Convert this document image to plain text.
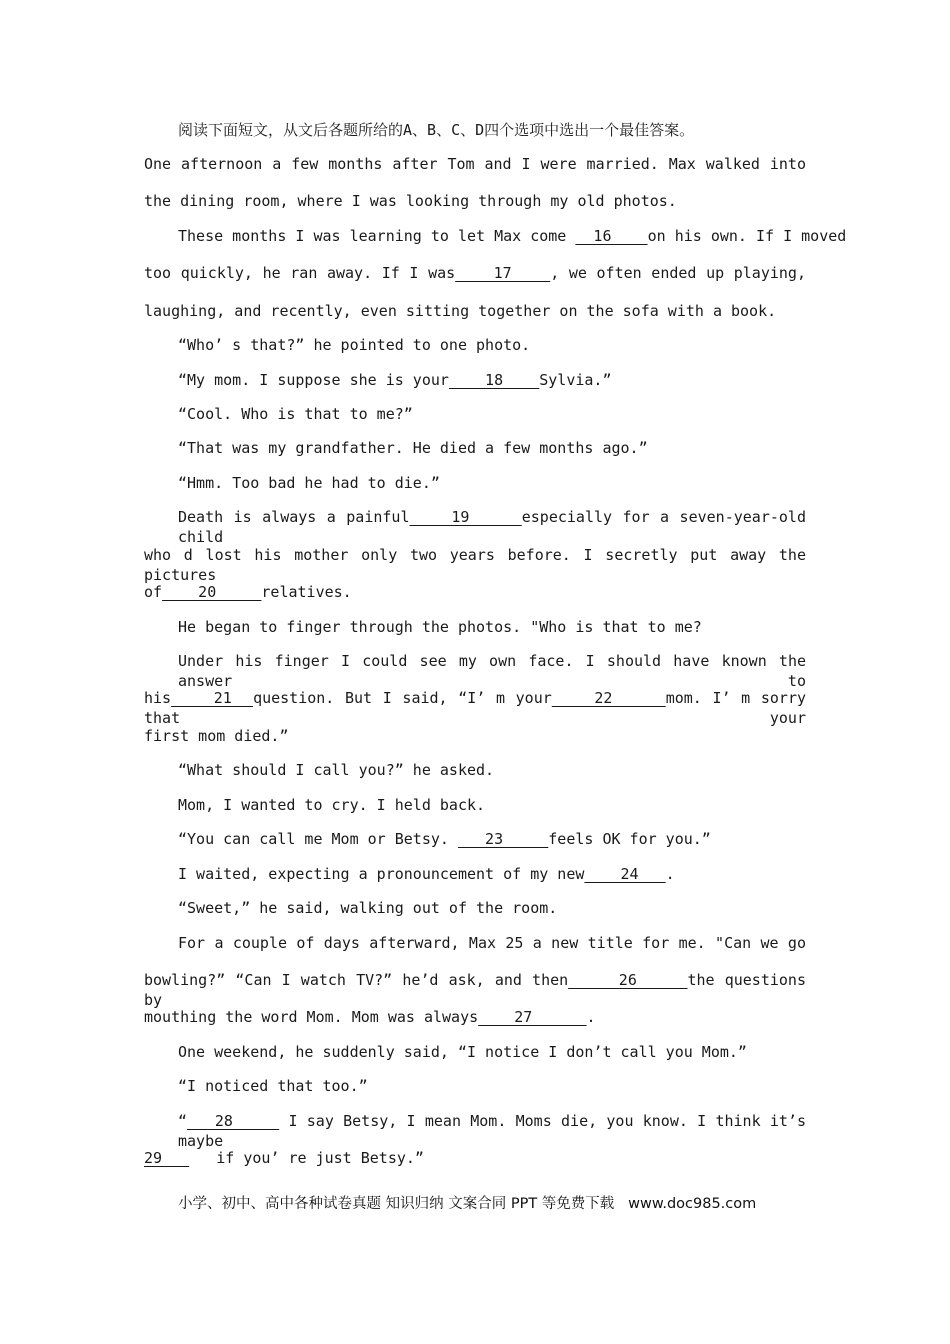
阅读下面短文，从文后各题所给的A、B、C、D四个选项中选出一个最佳答案。
One afternoon a few months after Tom and I were married. Max walked into
the dining room, where I was looking through my old photos.
These months I was learning to let Max come   16    on his own. If I moved
too quickly, he ran away. If I was    17    , we often ended up playing,
laughing, and recently, even sitting together on the sofa with a book.
“Who’ s that?” he pointed to one photo.
“My mom. I suppose she is your    18    Sylvia.”
“Cool. Who is that to me?”
“That was my grandfather. He died a few months ago.”
“Hmm. Too bad he had to die.”
Death is always a painful    19     especially for a seven-year-old child
who d lost his mother only two years before. I secretly put away the pictures
of    20     relatives.
He began to finger through the photos. "Who is that to me?
Under his finger I could see my own face. I should have known the answer to
his    21  question. But I said, “I’ m your    22     mom. I’ m sorry that your
first mom died.”
“What should I call you?” he asked.
Mom, I wanted to cry. I held back.
“You can call me Mom or Betsy.    23     feels OK for you.”
I waited, expecting a pronouncement of my new    24   .
“Sweet,” he said, walking out of the room.
For a couple of days afterward, Max 25 a new title for me. "Can we go
bowling?” “Can I watch TV?” he’d ask, and then     26     the questions by
mouthing the word Mom. Mom was always    27      .
One weekend, he suddenly said, “I notice I don’t call you Mom.”
“I noticed that too.”
“   28      I say Betsy, I mean Mom. Moms die, you know. I think it’s maybe
29      if you’ re just Betsy.”
小学、初中、高中各种试卷真题 知识归纳 文案合同 PPT 等免费下载   www.doc985.com
